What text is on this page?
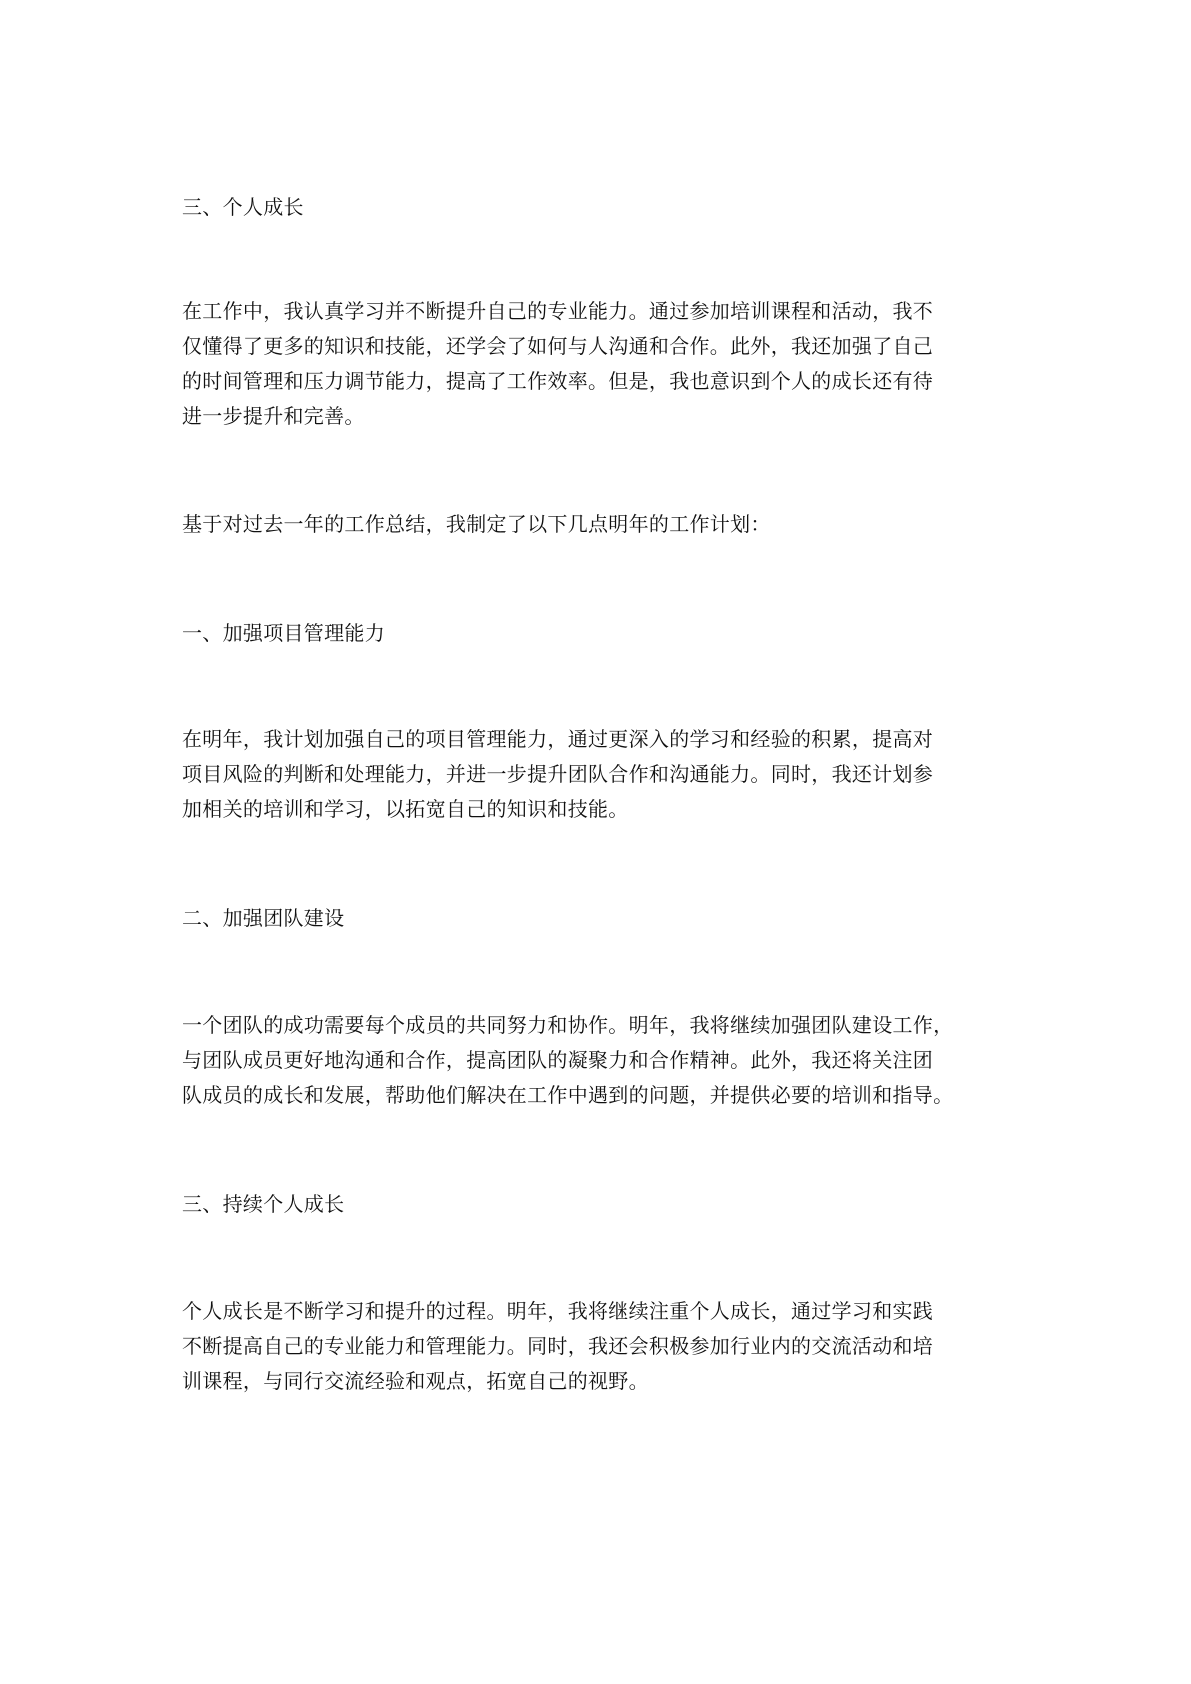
三、个人成长
在工作中，我认真学习并不断提升自己的专业能力。通过参加培训课程和活动，我不
仅懂得了更多的知识和技能，还学会了如何与人沟通和合作。此外，我还加强了自己
的时间管理和压力调节能力，提高了工作效率。但是，我也意识到个人的成长还有待
进一步提升和完善。
基于对过去一年的工作总结，我制定了以下几点明年的工作计划：
一、加强项目管理能力
在明年，我计划加强自己的项目管理能力，通过更深入的学习和经验的积累，提高对
项目风险的判断和处理能力，并进一步提升团队合作和沟通能力。同时，我还计划参
加相关的培训和学习，以拓宽自己的知识和技能。
二、加强团队建设
一个团队的成功需要每个成员的共同努力和协作。明年，我将继续加强团队建设工作，
与团队成员更好地沟通和合作，提高团队的凝聚力和合作精神。此外，我还将关注团
队成员的成长和发展，帮助他们解决在工作中遇到的问题，并提供必要的培训和指导。
三、持续个人成长
个人成长是不断学习和提升的过程。明年，我将继续注重个人成长，通过学习和实践
不断提高自己的专业能力和管理能力。同时，我还会积极参加行业内的交流活动和培
训课程，与同行交流经验和观点，拓宽自己的视野。
